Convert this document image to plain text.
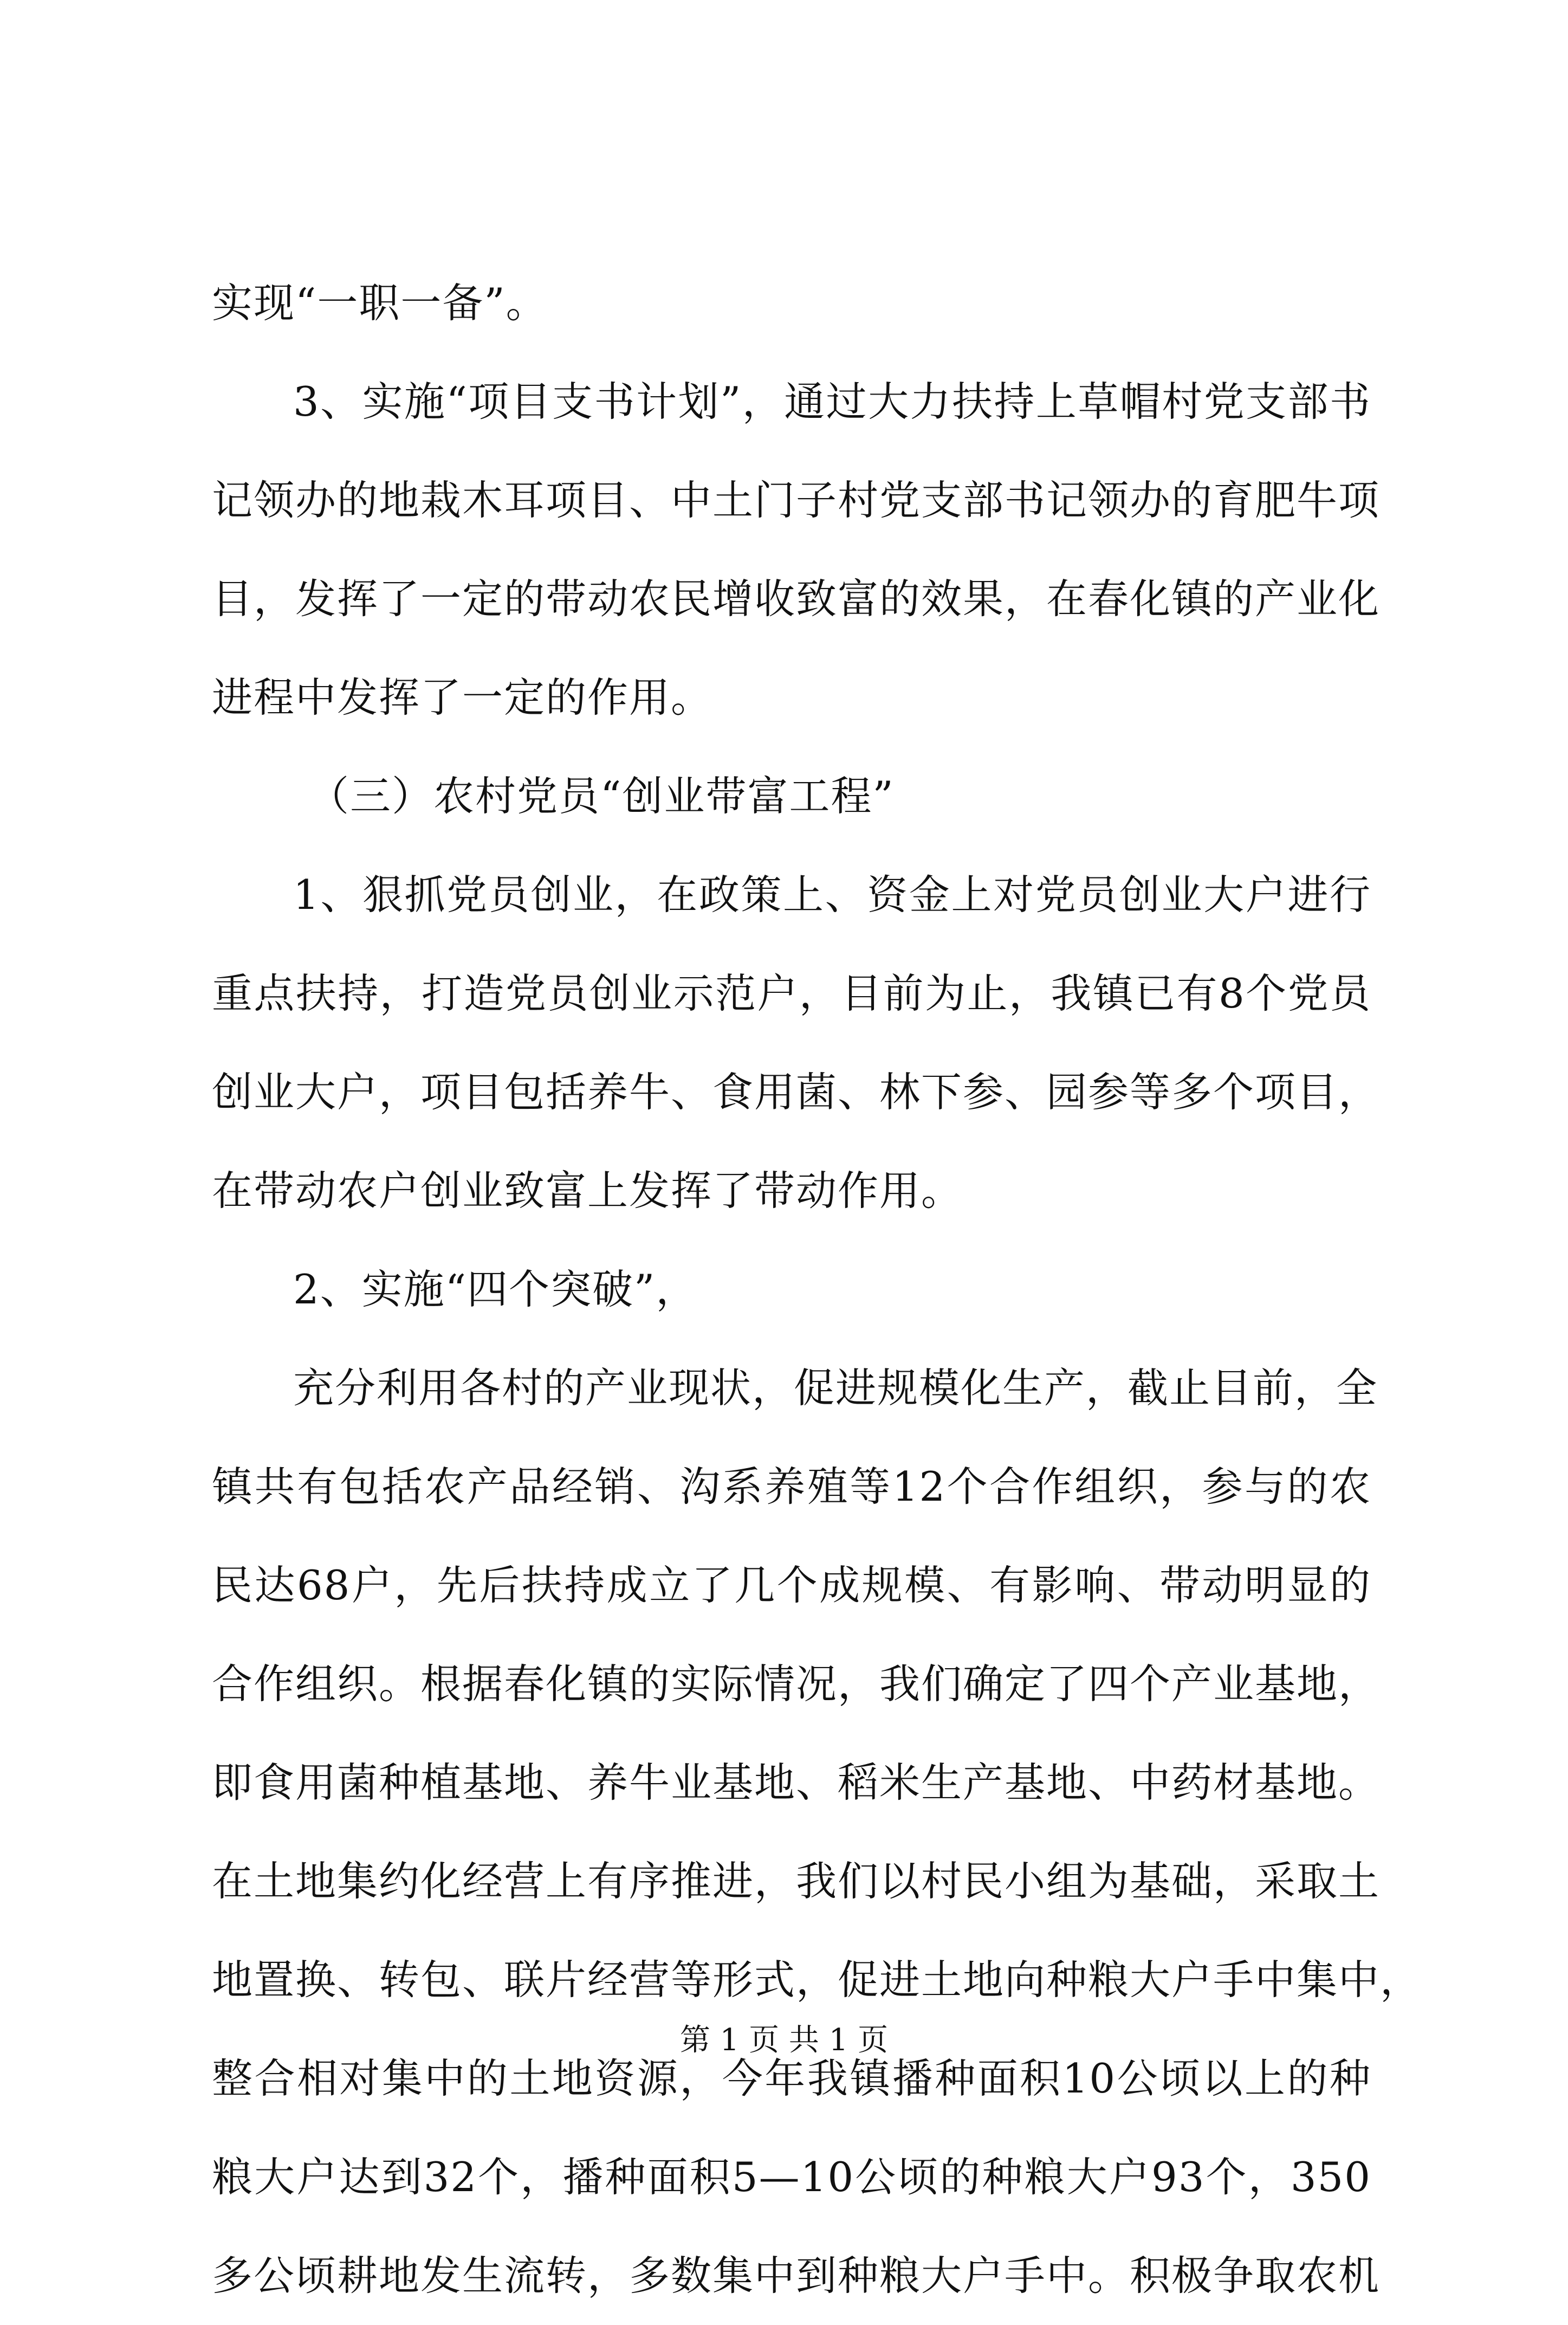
实现“一职一备”。
3、实施“项目支书计划”，通过大力扶持上草帽村党支部书
记领办的地栽木耳项目、中土门子村党支部书记领办的育肥牛项
目，发挥了一定的带动农民增收致富的效果，在春化镇的产业化
进程中发挥了一定的作用。
（三）农村党员“创业带富工程”
1、狠抓党员创业，在政策上、资金上对党员创业大户进行
重点扶持，打造党员创业示范户，目前为止，我镇已有8个党员
创业大户，项目包括养牛、食用菌、林下参、园参等多个项目，
在带动农户创业致富上发挥了带动作用。
2、实施“四个突破”，
充分利用各村的产业现状，促进规模化生产，截止目前，全
镇共有包括农产品经销、沟系养殖等12个合作组织，参与的农
民达68户，先后扶持成立了几个成规模、有影响、带动明显的
合作组织。根据春化镇的实际情况，我们确定了四个产业基地，
即食用菌种植基地、养牛业基地、稻米生产基地、中药材基地。
在土地集约化经营上有序推进，我们以村民小组为基础，采取土
地置换、转包、联片经营等形式，促进土地向种粮大户手中集中，
整合相对集中的土地资源，今年我镇播种面积10公顷以上的种
粮大户达到32个，播种面积5—10公顷的种粮大户93个，350
多公顷耕地发生流转，多数集中到种粮大户手中。积极争取农机
第 1 页 共 1 页
